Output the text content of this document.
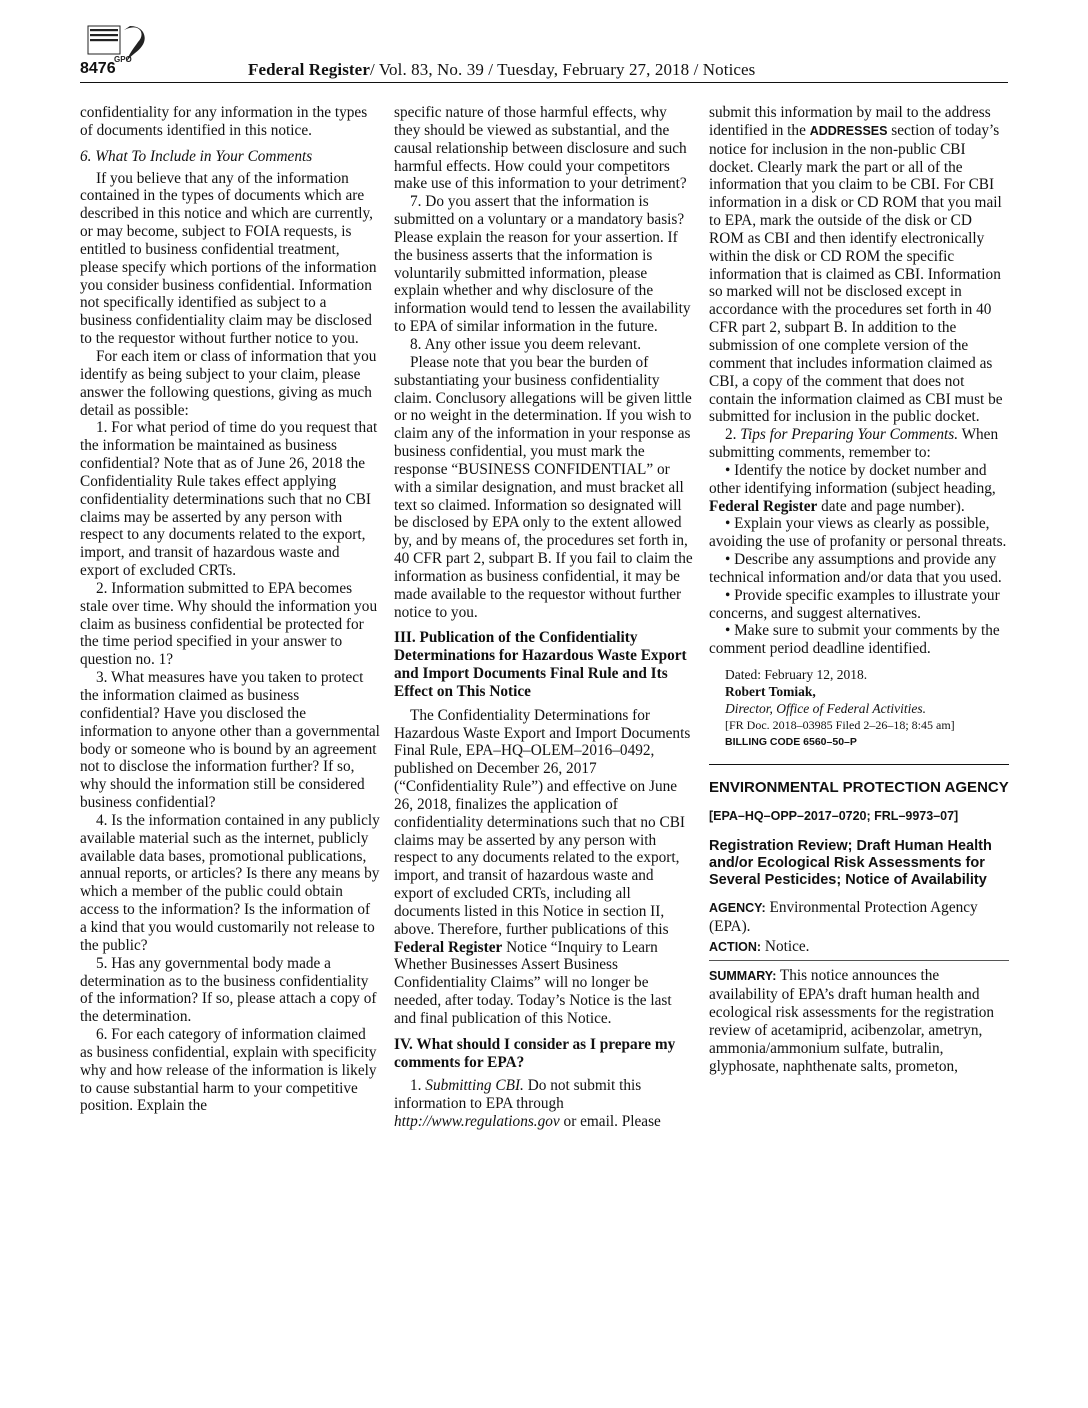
GPO
8476	Federal Register/ Vol. 83, No. 39 / Tuesday, February 27, 2018 / Notices

confidentiality for any information in the types of documents identified in this notice.

6. What To Include in Your Comments

If you believe that any of the information contained in the types of documents which are described in this notice and which are currently, or may become, subject to FOIA requests, is entitled to business confidential treatment, please specify which portions of the information you consider business confidential. Information not specifically identified as subject to a business confidentiality claim may be disclosed to the requestor without further notice to you.

For each item or class of information that you identify as being subject to your claim, please answer the following questions, giving as much detail as possible:

1. For what period of time do you request that the information be maintained as business confidential? Note that as of June 26, 2018 the Confidentiality Rule takes effect applying confidentiality determinations such that no CBI claims may be asserted by any person with respect to any documents related to the export, import, and transit of hazardous waste and export of excluded CRTs.

2. Information submitted to EPA becomes stale over time. Why should the information you claim as business confidential be protected for the time period specified in your answer to question no. 1?

3. What measures have you taken to protect the information claimed as business confidential? Have you disclosed the information to anyone other than a governmental body or someone who is bound by an agreement not to disclose the information further? If so, why should the information still be considered business confidential?

4. Is the information contained in any publicly available material such as the internet, publicly available data bases, promotional publications, annual reports, or articles? Is there any means by which a member of the public could obtain access to the information? Is the information of a kind that you would customarily not release to the public?

5. Has any governmental body made a determination as to the business confidentiality of the information? If so, please attach a copy of the determination.

6. For each category of information claimed as business confidential, explain with specificity why and how release of the information is likely to cause substantial harm to your competitive position. Explain the

specific nature of those harmful effects, why they should be viewed as substantial, and the causal relationship between disclosure and such harmful effects. How could your competitors make use of this information to your detriment?

7. Do you assert that the information is submitted on a voluntary or a mandatory basis? Please explain the reason for your assertion. If the business asserts that the information is voluntarily submitted information, please explain whether and why disclosure of the information would tend to lessen the availability to EPA of similar information in the future.

8. Any other issue you deem relevant.

Please note that you bear the burden of substantiating your business confidentiality claim. Conclusory allegations will be given little or no weight in the determination. If you wish to claim any of the information in your response as business confidential, you must mark the response “BUSINESS CONFIDENTIAL” or with a similar designation, and must bracket all text so claimed. Information so designated will be disclosed by EPA only to the extent allowed by, and by means of, the procedures set forth in, 40 CFR part 2, subpart B. If you fail to claim the information as business confidential, it may be made available to the requestor without further notice to you.

III. Publication of the Confidentiality Determinations for Hazardous Waste Export and Import Documents Final Rule and Its Effect on This Notice

The Confidentiality Determinations for Hazardous Waste Export and Import Documents Final Rule, EPA–HQ–OLEM–2016–0492, published on December 26, 2017 (“Confidentiality Rule”) and effective on June 26, 2018, finalizes the application of confidentiality determinations such that no CBI claims may be asserted by any person with respect to any documents related to the export, import, and transit of hazardous waste and export of excluded CRTs, including all documents listed in this Notice in section II, above. Therefore, further publications of this Federal Register Notice “Inquiry to Learn Whether Businesses Assert Business Confidentiality Claims” will no longer be needed, after today. Today’s Notice is the last and final publication of this Notice.

IV. What should I consider as I prepare my comments for EPA?

1. Submitting CBI. Do not submit this information to EPA through http://www.regulations.gov or email. Please

submit this information by mail to the address identified in the ADDRESSES section of today’s notice for inclusion in the non-public CBI docket. Clearly mark the part or all of the information that you claim to be CBI. For CBI information in a disk or CD ROM that you mail to EPA, mark the outside of the disk or CD ROM as CBI and then identify electronically within the disk or CD ROM the specific information that is claimed as CBI. Information so marked will not be disclosed except in accordance with the procedures set forth in 40 CFR part 2, subpart B. In addition to the submission of one complete version of the comment that includes information claimed as CBI, a copy of the comment that does not contain the information claimed as CBI must be submitted for inclusion in the public docket.

2. Tips for Preparing Your Comments. When submitting comments, remember to:

• Identify the notice by docket number and other identifying information (subject heading, Federal Register date and page number).

• Explain your views as clearly as possible, avoiding the use of profanity or personal threats.

• Describe any assumptions and provide any technical information and/or data that you used.

• Provide specific examples to illustrate your concerns, and suggest alternatives.

• Make sure to submit your comments by the comment period deadline identified.

Dated: February 12, 2018.

Robert Tomiak,

Director, Office of Federal Activities.

[FR Doc. 2018–03985 Filed 2–26–18; 8:45 am]

BILLING CODE 6560–50–P

ENVIRONMENTAL PROTECTION AGENCY
[EPA–HQ–OPP–2017–0720; FRL–9973–07]
Registration Review; Draft Human Health and/or Ecological Risk Assessments for Several Pesticides; Notice of Availability

AGENCY: Environmental Protection Agency (EPA).

ACTION: Notice.

SUMMARY: This notice announces the availability of EPA’s draft human health and ecological risk assessments for the registration review of acetamiprid, acibenzolar, ametryn, ammonia/ammonium sulfate, butralin, glyphosate, naphthenate salts, prometon,
